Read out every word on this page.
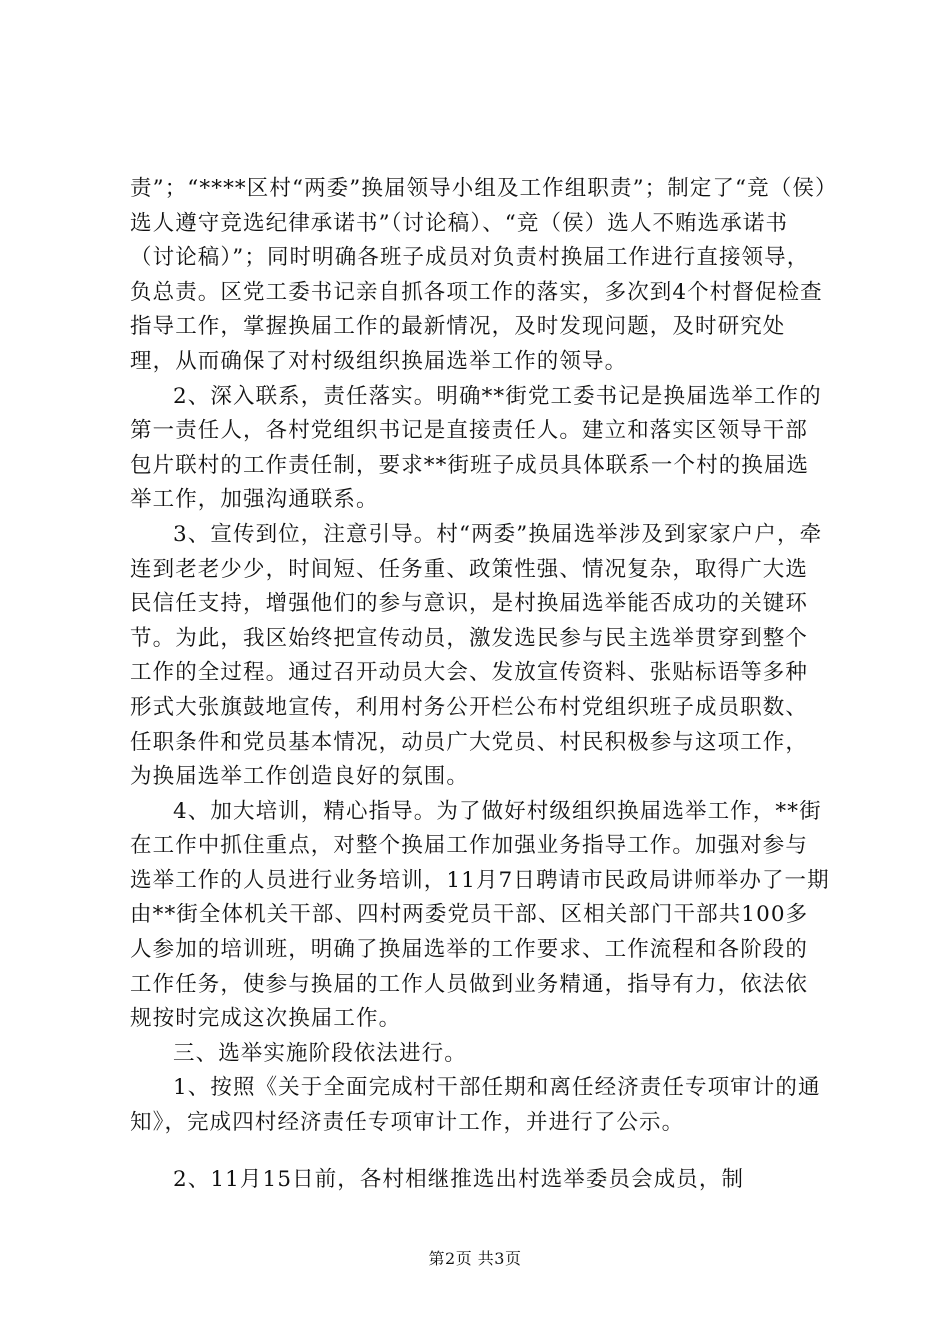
责”；“****区村“两委”换届领导小组及工作组职责”；制定了“竞（侯）选人遵守竞选纪律承诺书”（讨论稿）、“竞（侯）选人不贿选承诺书（讨论稿）”；同时明确各班子成员对负责村换届工作进行直接领导，负总责。区党工委书记亲自抓各项工作的落实，多次到4个村督促检查指导工作，掌握换届工作的最新情况，及时发现问题，及时研究处理，从而确保了对村级组织换届选举工作的领导。

2、深入联系，责任落实。明确**街党工委书记是换届选举工作的第一责任人，各村党组织书记是直接责任人。建立和落实区领导干部包片联村的工作责任制，要求**街班子成员具体联系一个村的换届选举工作，加强沟通联系。

3、宣传到位，注意引导。村“两委”换届选举涉及到家家户户，牵连到老老少少，时间短、任务重、政策性强、情况复杂，取得广大选民信任支持，增强他们的参与意识，是村换届选举能否成功的关键环节。为此，我区始终把宣传动员，激发选民参与民主选举贯穿到整个工作的全过程。通过召开动员大会、发放宣传资料、张贴标语等多种形式大张旗鼓地宣传，利用村务公开栏公布村党组织班子成员职数、任职条件和党员基本情况，动员广大党员、村民积极参与这项工作，为换届选举工作创造良好的氛围。

4、加大培训，精心指导。为了做好村级组织换届选举工作，**街在工作中抓住重点，对整个换届工作加强业务指导工作。加强对参与选举工作的人员进行业务培训，11月7日聘请市民政局讲师举办了一期由**街全体机关干部、四村两委党员干部、区相关部门干部共100多人参加的培训班，明确了换届选举的工作要求、工作流程和各阶段的工作任务，使参与换届的工作人员做到业务精通，指导有力，依法依规按时完成这次换届工作。

三、选举实施阶段依法进行。

1、按照《关于全面完成村干部任期和离任经济责任专项审计的通知》，完成四村经济责任专项审计工作，并进行了公示。

2、11月15日前，各村相继推选出村选举委员会成员，制

第2页 共3页
